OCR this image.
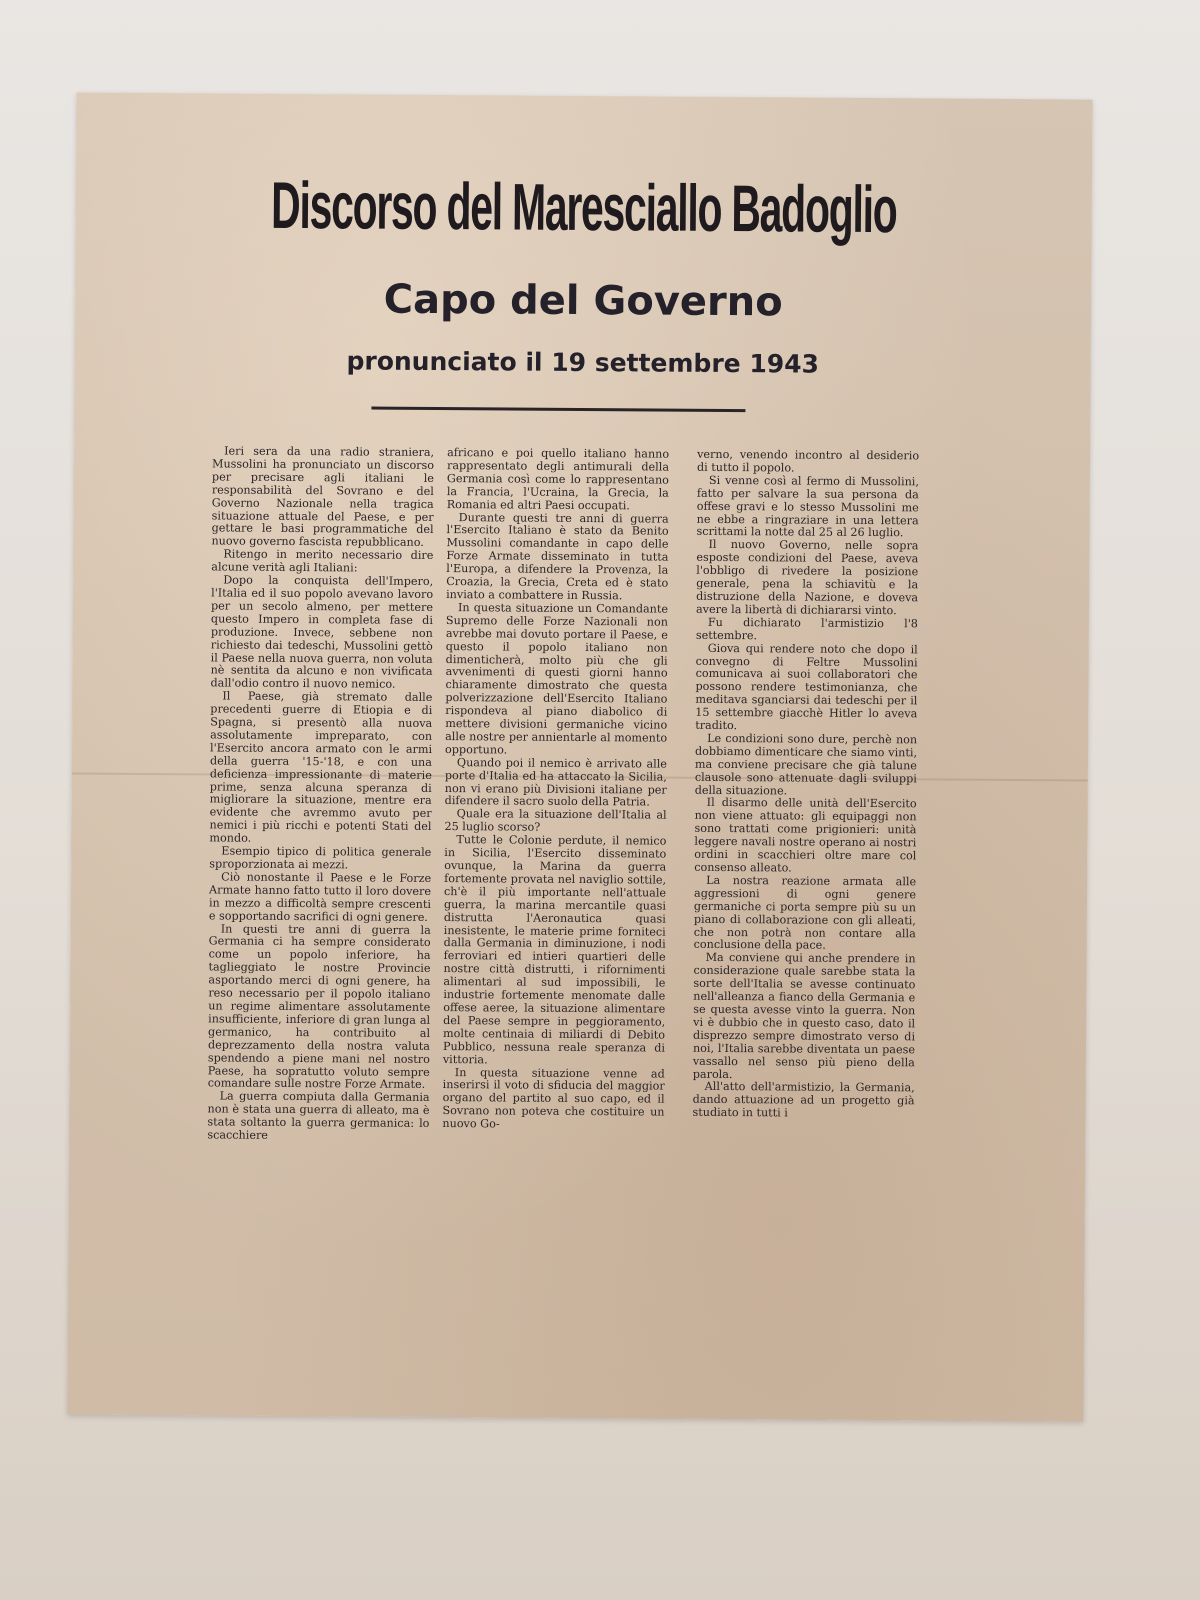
Discorso del Maresciallo Badoglio
Capo del Governo
pronunciato il 19 settembre 1943

Ieri sera da una radio straniera, Mussolini ha pronunciato un discorso per precisare agli italiani le responsabilità del Sovrano e del Governo Nazionale nella tragica situazione attuale del Paese, e per gettare le basi programmatiche del nuovo governo fascista repubblicano.

Ritengo in merito necessario dire alcune verità agli Italiani:

Dopo la conquista dell'Impero, l'Italia ed il suo popolo avevano lavoro per un secolo almeno, per mettere questo Impero in completa fase di produzione. Invece, sebbene non richiesto dai tedeschi, Mussolini gettò il Paese nella nuova guerra, non voluta nè sentita da alcuno e non vivificata dall'odio contro il nuovo nemico.

Il Paese, già stremato dalle precedenti guerre di Etiopia e di Spagna, si presentò alla nuova assolutamente impreparato, con l'Esercito ancora armato con le armi della guerra '15-'18, e con una deficienza impressionante di materie prime, senza alcuna speranza di migliorare la situazione, mentre era evidente che avremmo avuto per nemici i più ricchi e potenti Stati del mondo.

Esempio tipico di politica generale sproporzionata ai mezzi.

Ciò nonostante il Paese e le Forze Armate hanno fatto tutto il loro dovere in mezzo a difficoltà sempre crescenti e sopportando sacrifici di ogni genere.

In questi tre anni di guerra la Germania ci ha sempre considerato come un popolo inferiore, ha taglieggiato le nostre Provincie asportando merci di ogni genere, ha reso necessario per il popolo italiano un regime alimentare assolutamente insufficiente, inferiore di gran lunga al germanico, ha contribuito al deprezzamento della nostra valuta spendendo a piene mani nel nostro Paese, ha sopratutto voluto sempre comandare sulle nostre Forze Armate.

La guerra compiuta dalla Germania non è stata una guerra di alleato, ma è stata soltanto la guerra germanica: lo scacchiere

africano e poi quello italiano hanno rappresentato degli antimurali della Germania così come lo rappresentano la Francia, l'Ucraina, la Grecia, la Romania ed altri Paesi occupati.

Durante questi tre anni di guerra l'Esercito Italiano è stato da Benito Mussolini comandante in capo delle Forze Armate disseminato in tutta l'Europa, a difendere la Provenza, la Croazia, la Grecia, Creta ed è stato inviato a combattere in Russia.

In questa situazione un Comandante Supremo delle Forze Nazionali non avrebbe mai dovuto portare il Paese, e questo il popolo italiano non dimenticherà, molto più che gli avvenimenti di questi giorni hanno chiaramente dimostrato che questa polverizzazione dell'Esercito Italiano rispondeva al piano diabolico di mettere divisioni germaniche vicino alle nostre per annientarle al momento opportuno.

Quando poi il nemico è arrivato alle porte d'Italia ed ha attaccato la Sicilia, non vi erano più Divisioni italiane per difendere il sacro suolo della Patria.

Quale era la situazione dell'Italia al 25 luglio scorso?

Tutte le Colonie perdute, il nemico in Sicilia, l'Esercito disseminato ovunque, la Marina da guerra fortemente provata nel naviglio sottile, ch'è il più importante nell'attuale guerra, la marina mercantile quasi distrutta l'Aeronautica quasi inesistente, le materie prime forniteci dalla Germania in diminuzione, i nodi ferroviari ed intieri quartieri delle nostre città distrutti, i rifornimenti alimentari al sud impossibili, le industrie fortemente menomate dalle offese aeree, la situazione alimentare del Paese sempre in peggioramento, molte centinaia di miliardi di Debito Pubblico, nessuna reale speranza di vittoria.

In questa situazione venne ad inserirsi il voto di sfiducia del maggior organo del partito al suo capo, ed il Sovrano non poteva che costituire un nuovo Go-

verno, venendo incontro al desiderio di tutto il popolo.

Si venne così al fermo di Mussolini, fatto per salvare la sua persona da offese gravi e lo stesso Mussolini me ne ebbe a ringraziare in una lettera scrittami la notte dal 25 al 26 luglio.

Il nuovo Governo, nelle sopra esposte condizioni del Paese, aveva l'obbligo di rivedere la posizione generale, pena la schiavitù e la distruzione della Nazione, e doveva avere la libertà di dichiararsi vinto.

Fu dichiarato l'armistizio l'8 settembre.

Giova qui rendere noto che dopo il convegno di Feltre Mussolini comunicava ai suoi collaboratori che possono rendere testimonianza, che meditava sganciarsi dai tedeschi per il 15 settembre giacchè Hitler lo aveva tradito.

Le condizioni sono dure, perchè non dobbiamo dimenticare che siamo vinti, ma conviene precisare che già talune clausole sono attenuate dagli sviluppi della situazione.

Il disarmo delle unità dell'Esercito non viene attuato: gli equipaggi non sono trattati come prigionieri: unità leggere navali nostre operano ai nostri ordini in scacchieri oltre mare col consenso alleato.

La nostra reazione armata alle aggressioni di ogni genere germaniche ci porta sempre più su un piano di collaborazione con gli alleati, che non potrà non contare alla conclusione della pace.

Ma conviene qui anche prendere in considerazione quale sarebbe stata la sorte dell'Italia se avesse continuato nell'alleanza a fianco della Germania e se questa avesse vinto la guerra. Non vi è dubbio che in questo caso, dato il disprezzo sempre dimostrato verso di noi, l'Italia sarebbe diventata un paese vassallo nel senso più pieno della parola.

All'atto dell'armistizio, la Germania, dando attuazione ad un progetto già studiato in tutti i
